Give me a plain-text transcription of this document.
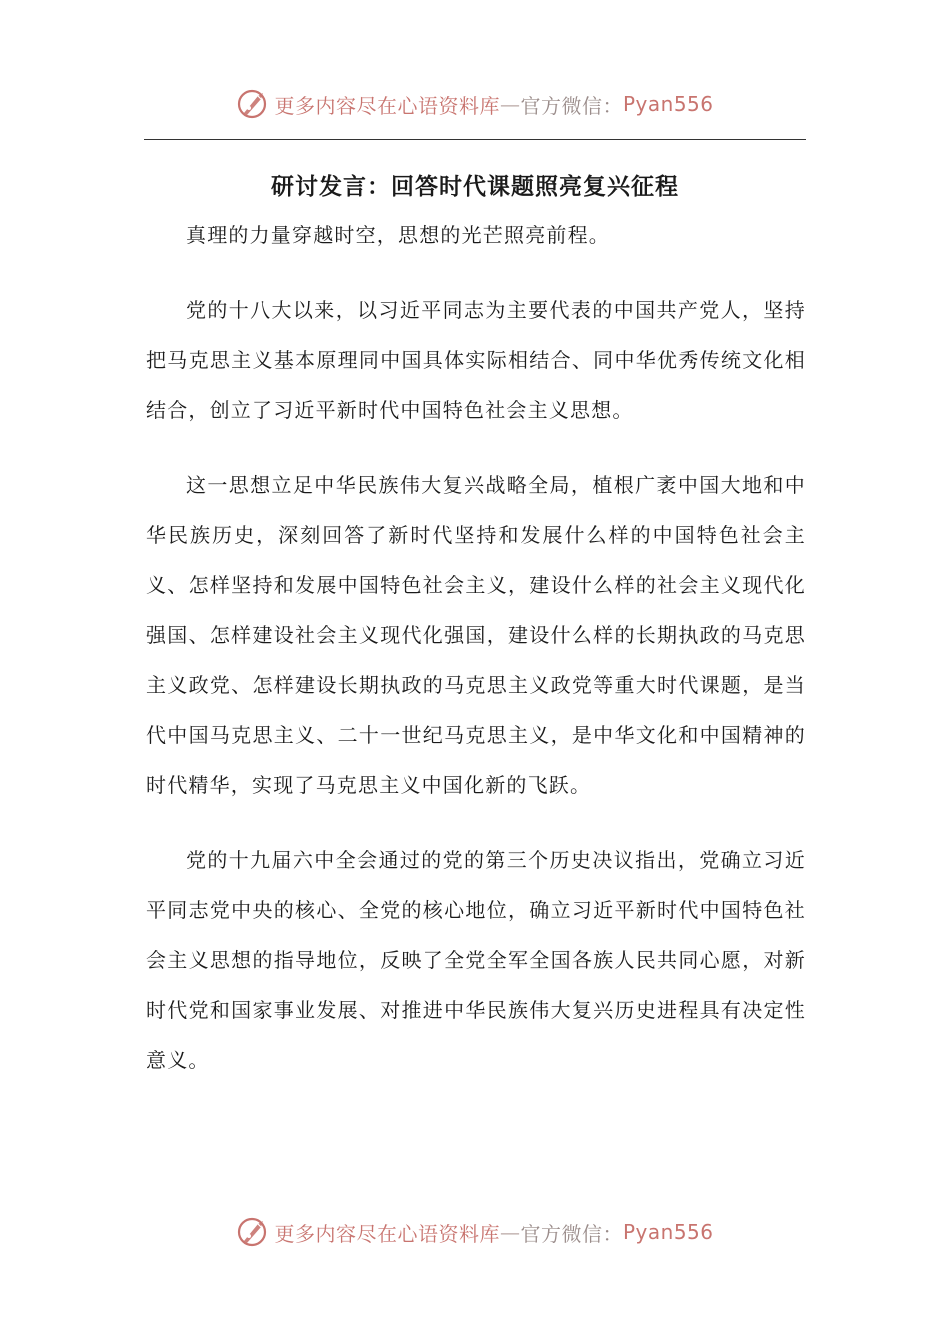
更多内容尽在心语资料库 — 官方微信： Pyan556
研讨发言：回答时代课题照亮复兴征程

真理的力量穿越时空，思想的光芒照亮前程。

党的十八大以来，以习近平同志为主要代表的中国共产党人，坚持把马克思主义基本原理同中国具体实际相结合、同中华优秀传统文化相结合，创立了习近平新时代中国特色社会主义思想。

这一思想立足中华民族伟大复兴战略全局，植根广袤中国大地和中华民族历史，深刻回答了新时代坚持和发展什么样的中国特色社会主义、怎样坚持和发展中国特色社会主义，建设什么样的社会主义现代化强国、怎样建设社会主义现代化强国，建设什么样的长期执政的马克思主义政党、怎样建设长期执政的马克思主义政党等重大时代课题，是当代中国马克思主义、二十一世纪马克思主义，是中华文化和中国精神的时代精华，实现了马克思主义中国化新的飞跃。

党的十九届六中全会通过的党的第三个历史决议指出，党确立习近平同志党中央的核心、全党的核心地位，确立习近平新时代中国特色社会主义思想的指导地位，反映了全党全军全国各族人民共同心愿，对新时代党和国家事业发展、对推进中华民族伟大复兴历史进程具有决定性意义。

更多内容尽在心语资料库 — 官方微信： Pyan556
